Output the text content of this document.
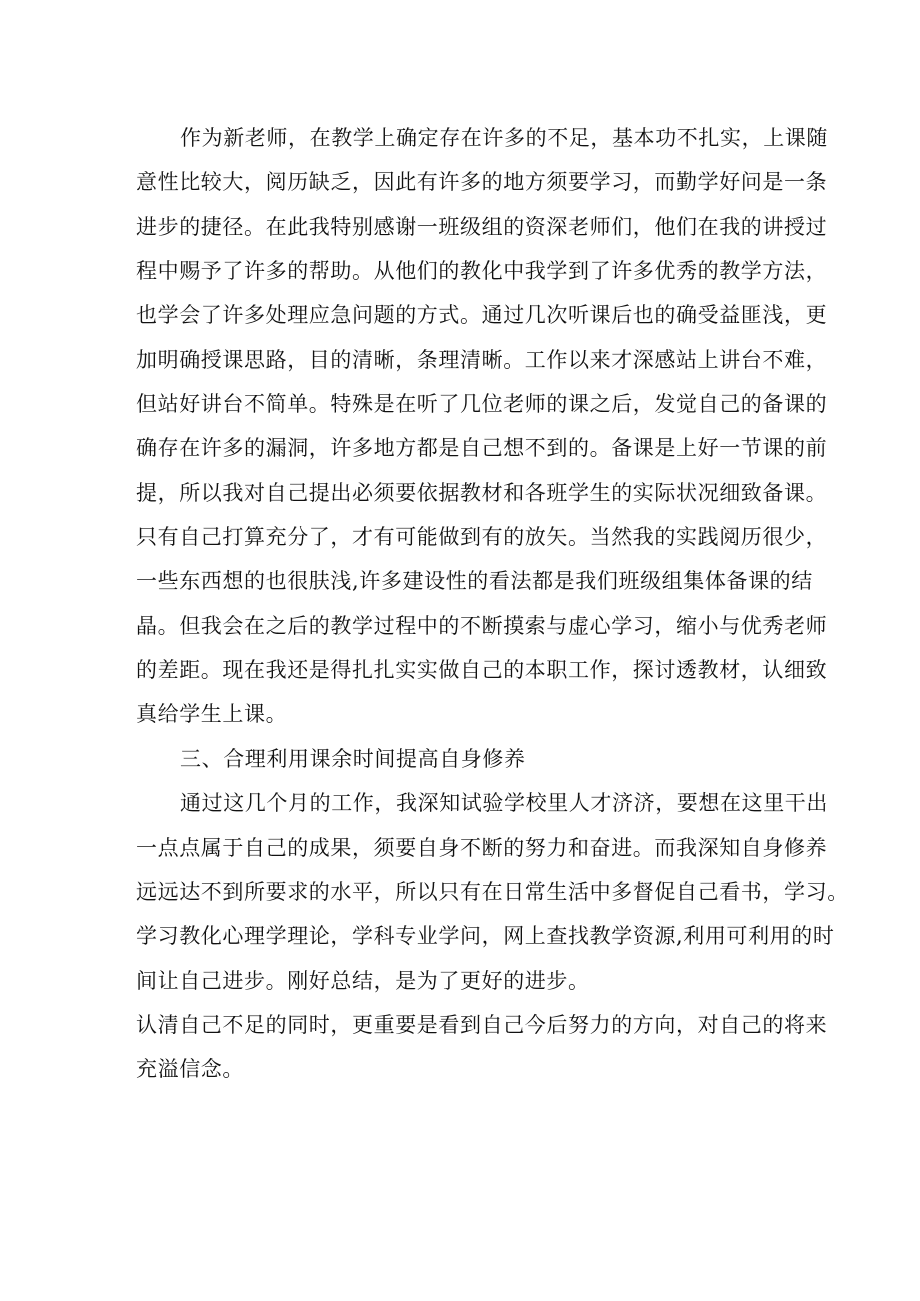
作为新老师，在教学上确定存在许多的不足，基本功不扎实，上课随
意性比较大，阅历缺乏，因此有许多的地方须要学习，而勤学好问是一条
进步的捷径。在此我特别感谢一班级组的资深老师们，他们在我的讲授过
程中赐予了许多的帮助。从他们的教化中我学到了许多优秀的教学方法，
也学会了许多处理应急问题的方式。通过几次听课后也的确受益匪浅，更
加明确授课思路，目的清晰，条理清晰。工作以来才深感站上讲台不难，
但站好讲台不简单。特殊是在听了几位老师的课之后，发觉自己的备课的
确存在许多的漏洞，许多地方都是自己想不到的。备课是上好一节课的前
提，所以我对自己提出必须要依据教材和各班学生的实际状况细致备课。
只有自己打算充分了，才有可能做到有的放矢。当然我的实践阅历很少，
一些东西想的也很肤浅,许多建设性的看法都是我们班级组集体备课的结
晶。但我会在之后的教学过程中的不断摸索与虚心学习，缩小与优秀老师
的差距。现在我还是得扎扎实实做自己的本职工作，探讨透教材，认细致
真给学生上课。
三、合理利用课余时间提高自身修养
通过这几个月的工作，我深知试验学校里人才济济，要想在这里干出
一点点属于自己的成果，须要自身不断的努力和奋进。而我深知自身修养
远远达不到所要求的水平，所以只有在日常生活中多督促自己看书，学习。
学习教化心理学理论，学科专业学问，网上查找教学资源,利用可利用的时
间让自己进步。刚好总结，是为了更好的进步。
认清自己不足的同时，更重要是看到自己今后努力的方向，对自己的将来
充溢信念。
